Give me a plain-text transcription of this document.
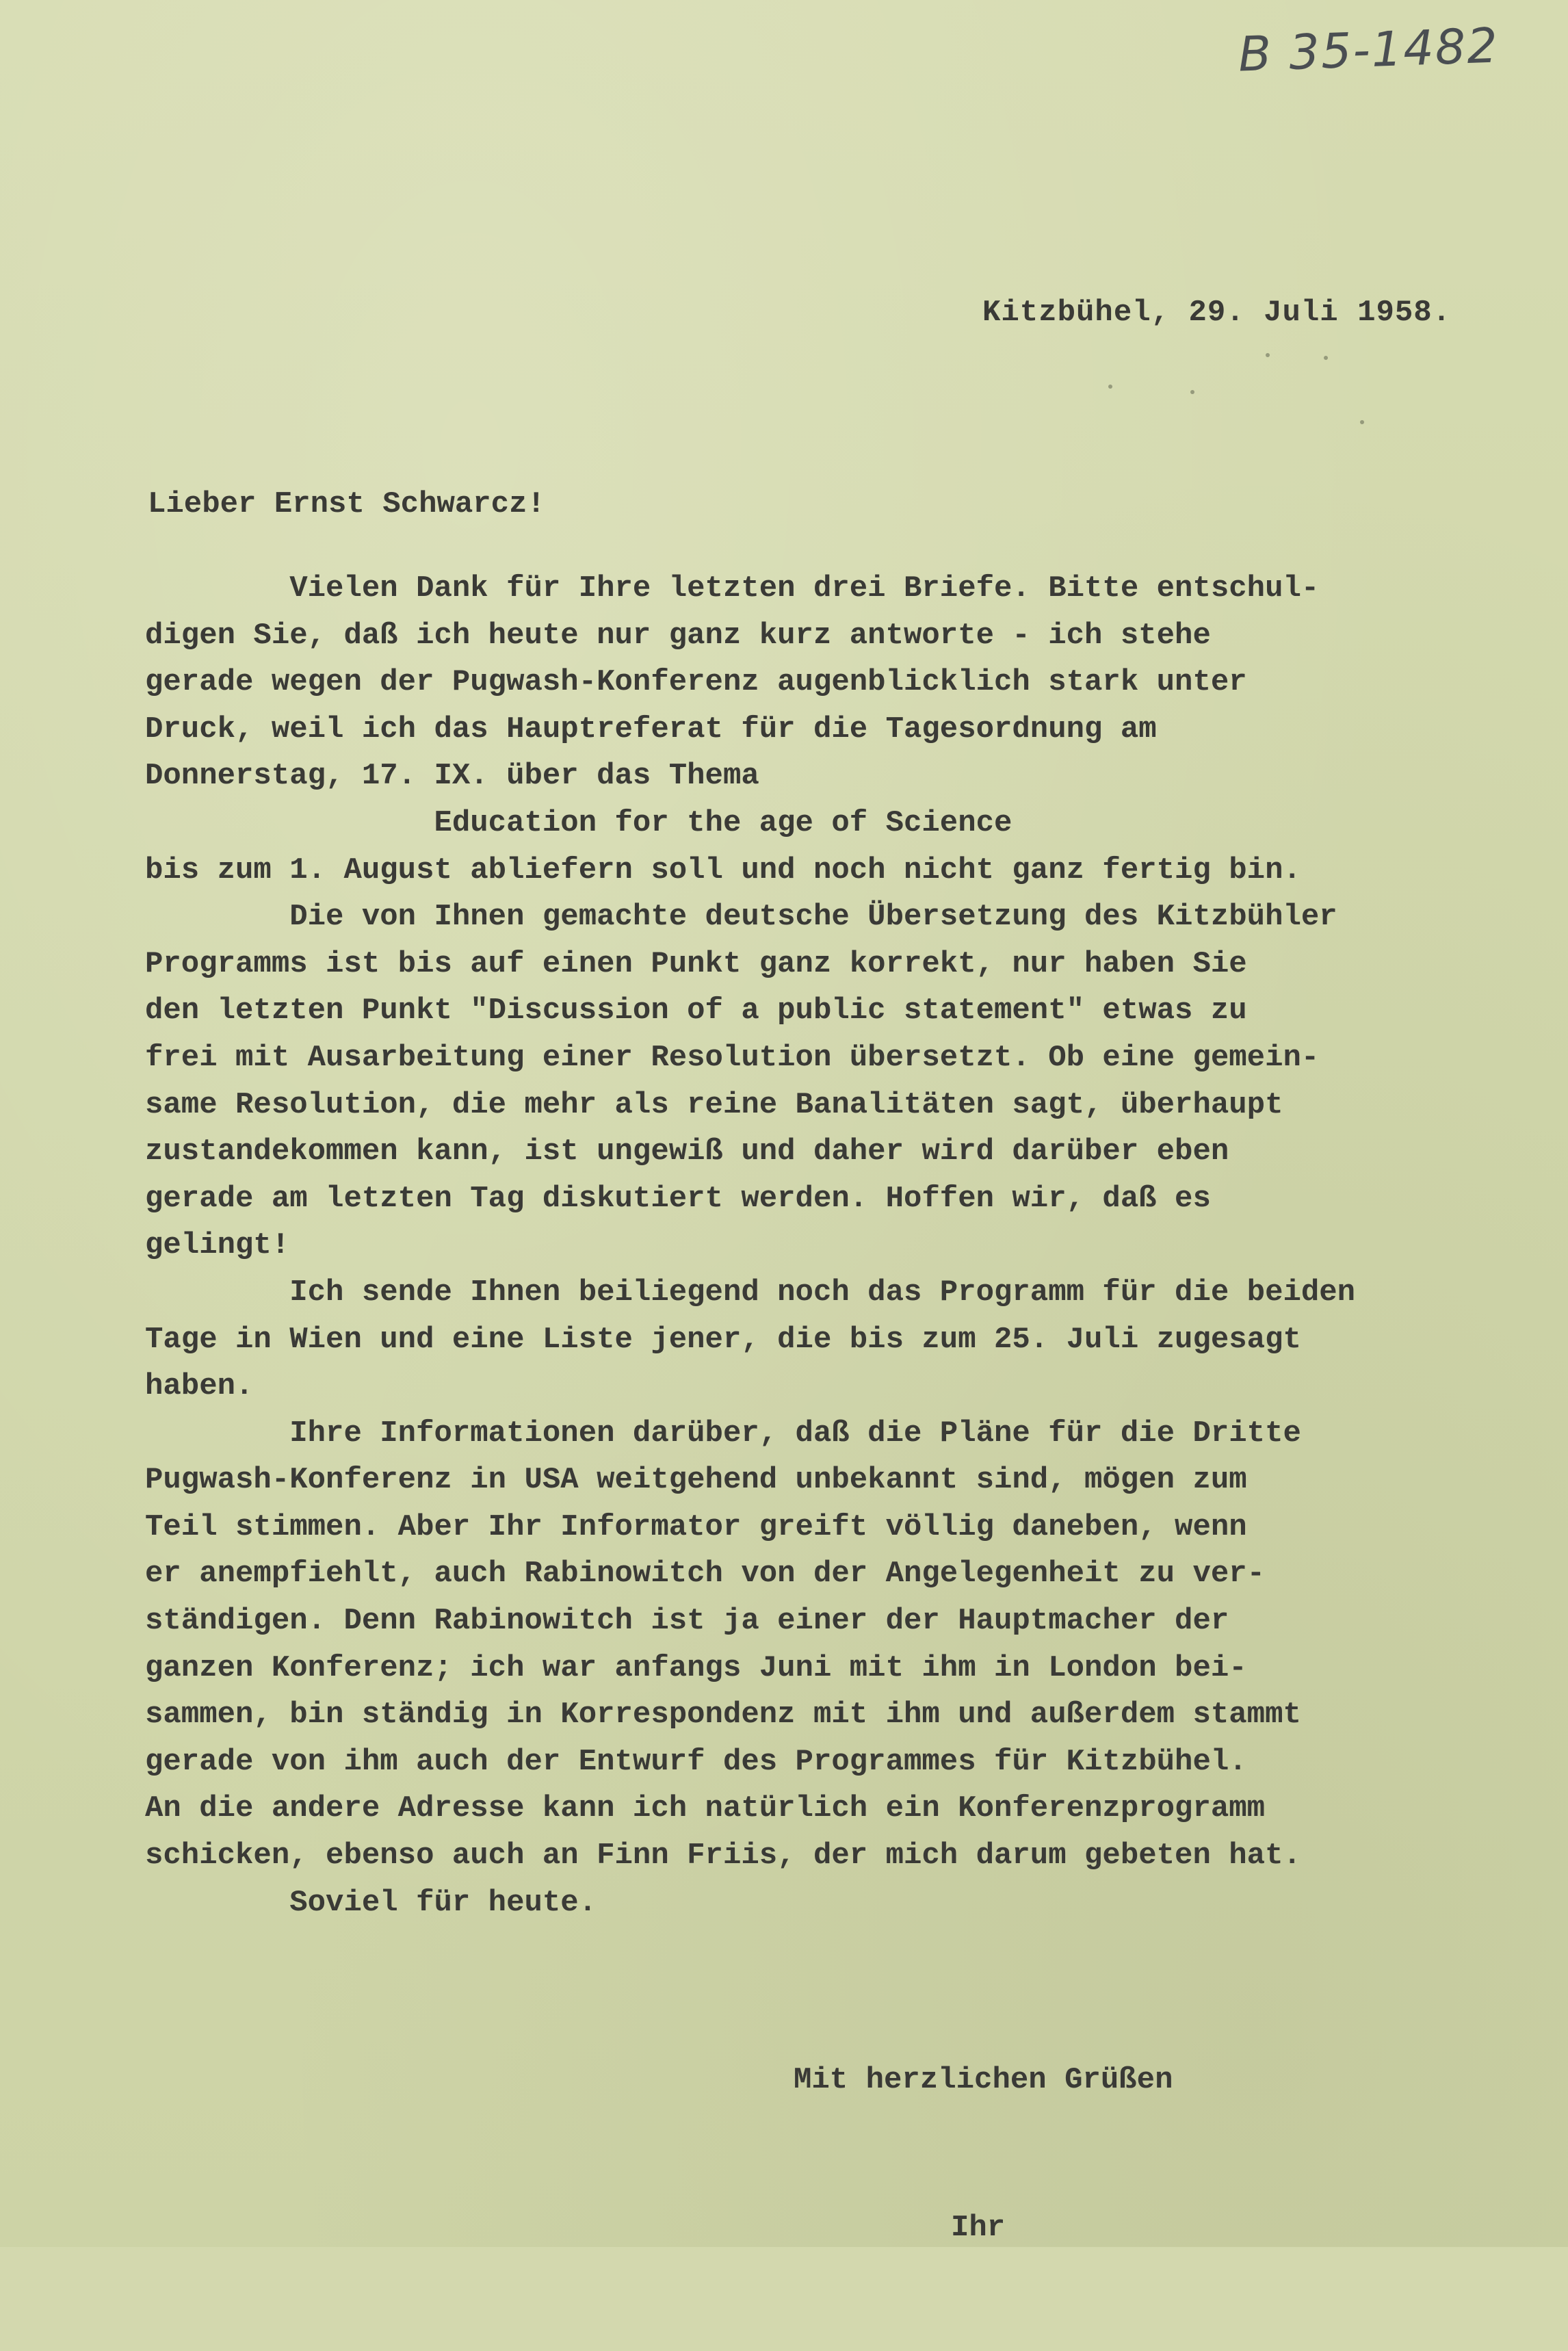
B 35-1482
Kitzbühel, 29. Juli 1958.
Lieber Ernst Schwarcz!
Vielen Dank für Ihre letzten drei Briefe. Bitte entschul-
digen Sie, daß ich heute nur ganz kurz antworte - ich stehe
gerade wegen der Pugwash-Konferenz augenblicklich stark unter
Druck, weil ich das Hauptreferat für die Tagesordnung am
Donnerstag, 17. IX. über das Thema
Education for the age of Science
bis zum 1. August abliefern soll und noch nicht ganz fertig bin.
Die von Ihnen gemachte deutsche Übersetzung des Kitzbühler
Programms ist bis auf einen Punkt ganz korrekt, nur haben Sie
den letzten Punkt "Discussion of a public statement" etwas zu
frei mit Ausarbeitung einer Resolution übersetzt. Ob eine gemein-
same Resolution, die mehr als reine Banalitäten sagt, überhaupt
zustandekommen kann, ist ungewiß und daher wird darüber eben
gerade am letzten Tag diskutiert werden. Hoffen wir, daß es
gelingt!
Ich sende Ihnen beiliegend noch das Programm für die beiden
Tage in Wien und eine Liste jener, die bis zum 25. Juli zugesagt
haben.
Ihre Informationen darüber, daß die Pläne für die Dritte
Pugwash-Konferenz in USA weitgehend unbekannt sind, mögen zum
Teil stimmen. Aber Ihr Informator greift völlig daneben, wenn
er anempfiehlt, auch Rabinowitch von der Angelegenheit zu ver-
ständigen. Denn Rabinowitch ist ja einer der Hauptmacher der
ganzen Konferenz; ich war anfangs Juni mit ihm in London bei-
sammen, bin ständig in Korrespondenz mit ihm und außerdem stammt
gerade von ihm auch der Entwurf des Programmes für Kitzbühel.
An die andere Adresse kann ich natürlich ein Konferenzprogramm
schicken, ebenso auch an Finn Friis, der mich darum gebeten hat.
Soviel für heute.

Mit herzlichen Grüßen

Ihr
